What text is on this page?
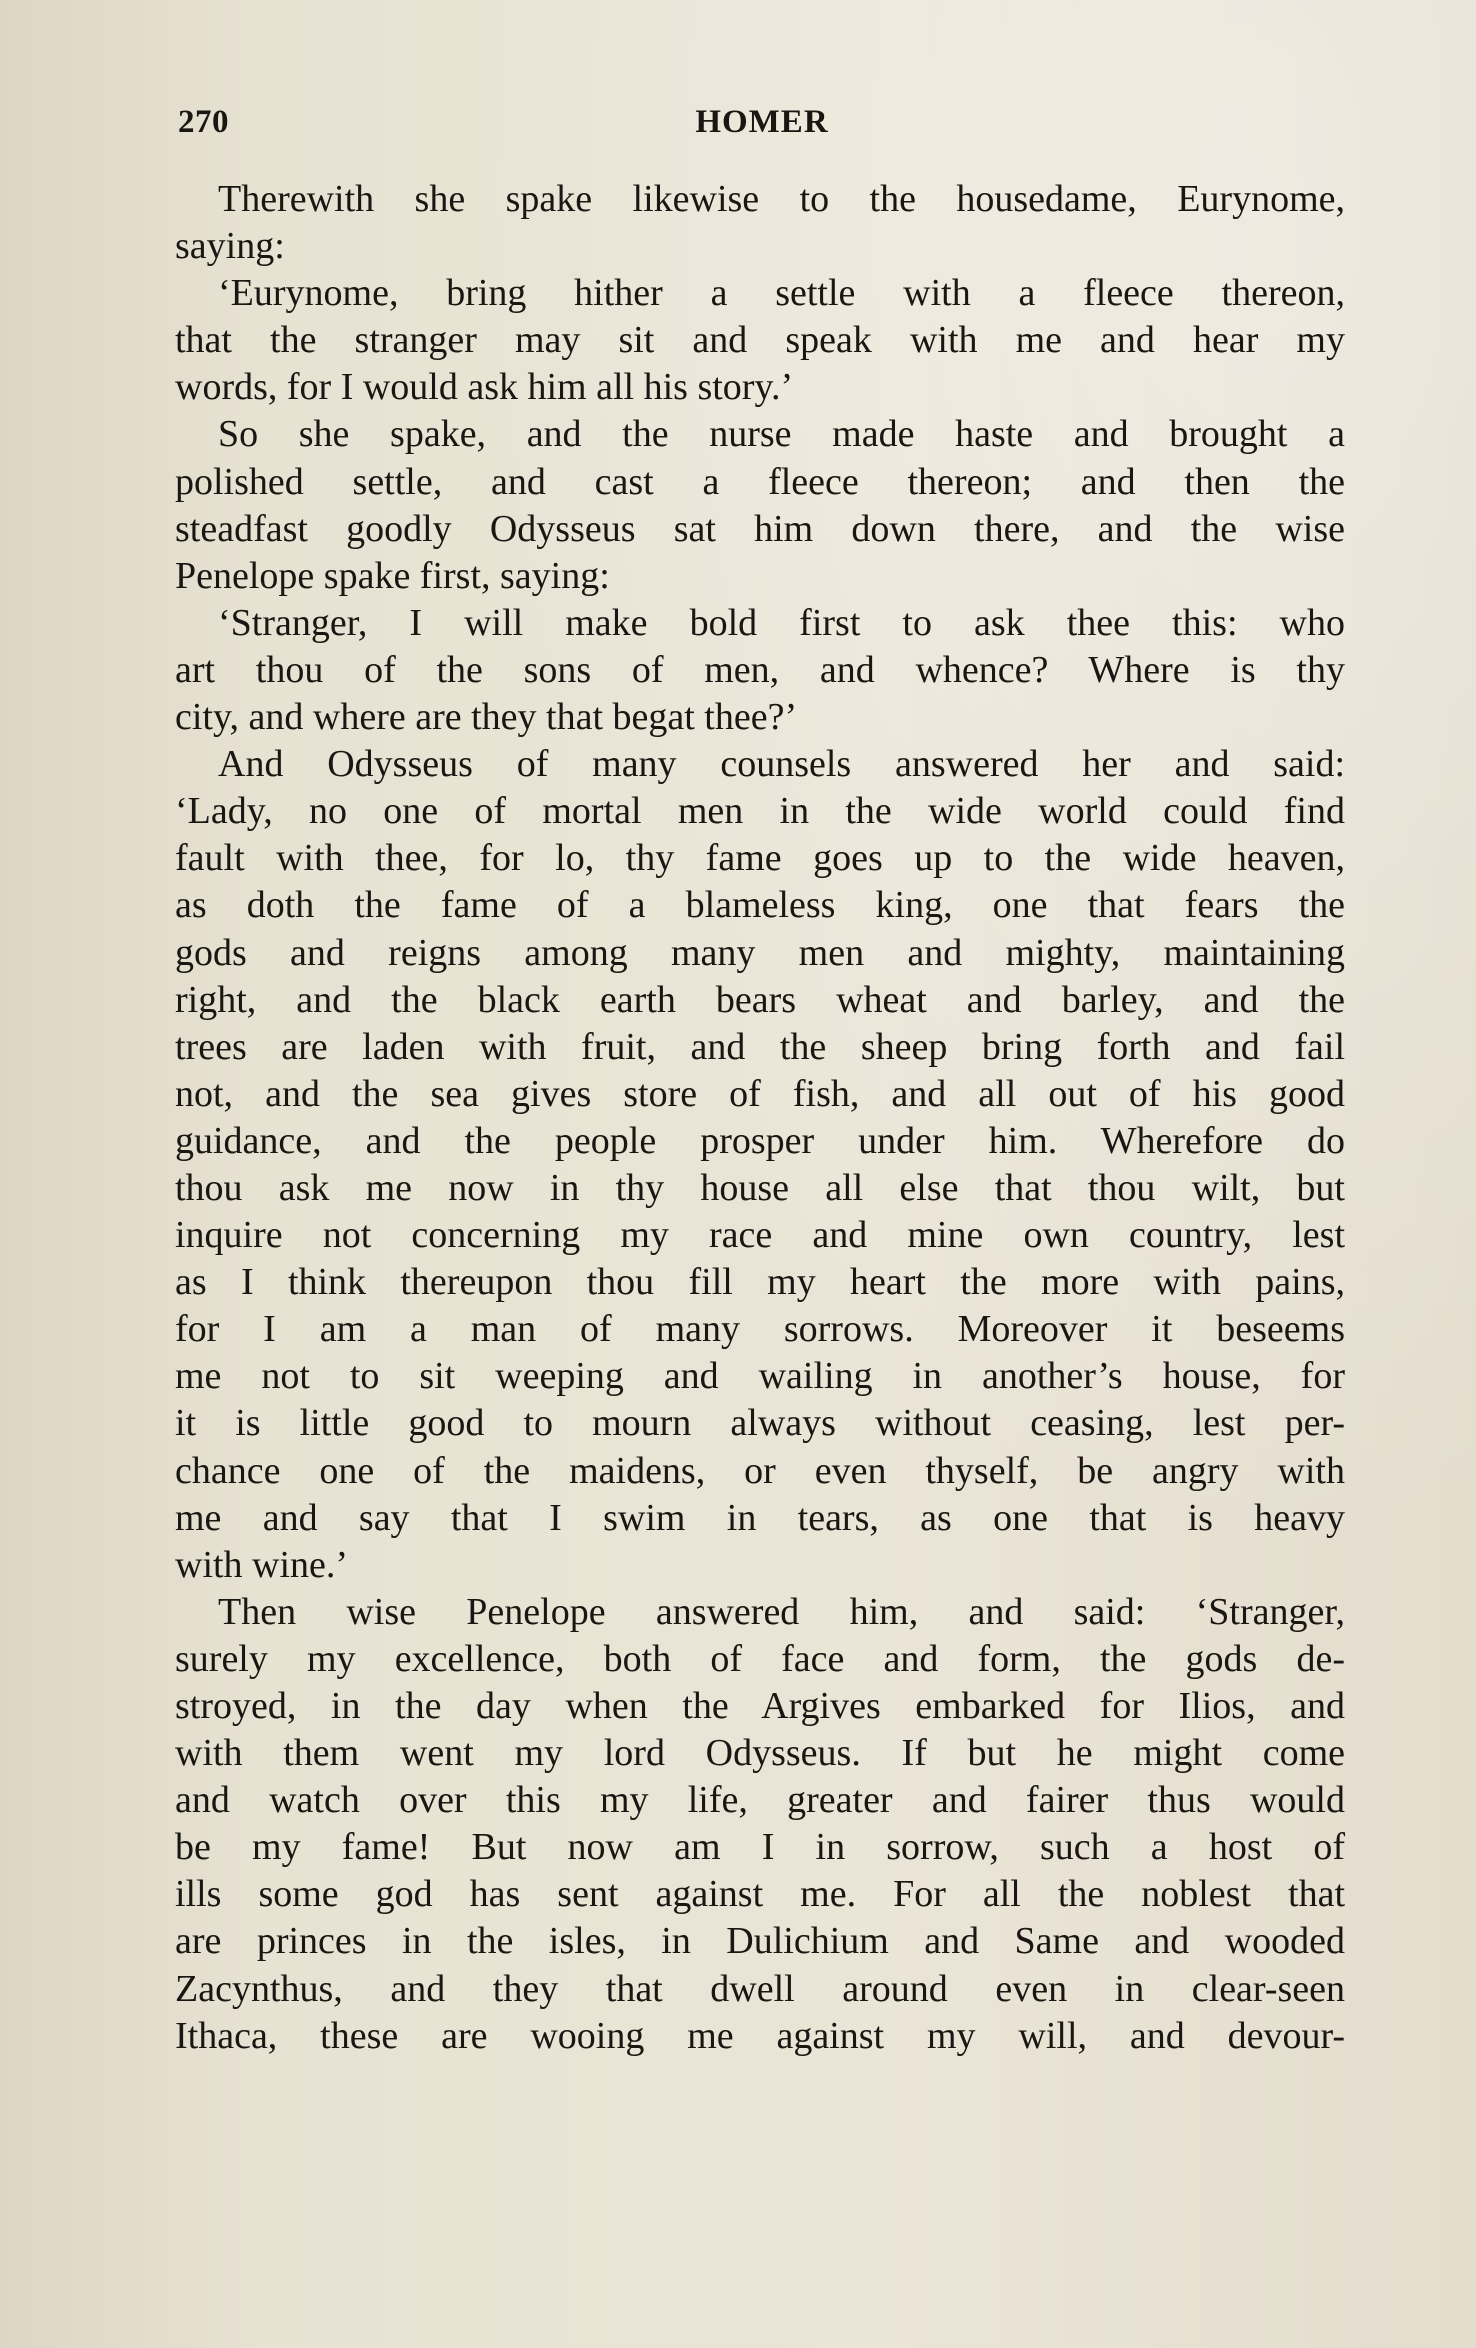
270	HOMER
Therewith she spake likewise to the housedame, Eurynome,
saying:
‘Eurynome, bring hither a settle with a fleece thereon,
that the stranger may sit and speak with me and hear my
words, for I would ask him all his story.’
So she spake, and the nurse made haste and brought a
polished settle, and cast a fleece thereon; and then the
steadfast goodly Odysseus sat him down there, and the wise
Penelope spake first, saying:
‘Stranger, I will make bold first to ask thee this: who
art thou of the sons of men, and whence? Where is thy
city, and where are they that begat thee?’
And Odysseus of many counsels answered her and said:
‘Lady, no one of mortal men in the wide world could find
fault with thee, for lo, thy fame goes up to the wide heaven,
as doth the fame of a blameless king, one that fears the
gods and reigns among many men and mighty, maintaining
right, and the black earth bears wheat and barley, and the
trees are laden with fruit, and the sheep bring forth and fail
not, and the sea gives store of fish, and all out of his good
guidance, and the people prosper under him. Wherefore do
thou ask me now in thy house all else that thou wilt, but
inquire not concerning my race and mine own country, lest
as I think thereupon thou fill my heart the more with pains,
for I am a man of many sorrows. Moreover it beseems
me not to sit weeping and wailing in another’s house, for
it is little good to mourn always without ceasing, lest per-
chance one of the maidens, or even thyself, be angry with
me and say that I swim in tears, as one that is heavy
with wine.’
Then wise Penelope answered him, and said: ‘Stranger,
surely my excellence, both of face and form, the gods de-
stroyed, in the day when the Argives embarked for Ilios, and
with them went my lord Odysseus. If but he might come
and watch over this my life, greater and fairer thus would
be my fame! But now am I in sorrow, such a host of
ills some god has sent against me. For all the noblest that
are princes in the isles, in Dulichium and Same and wooded
Zacynthus, and they that dwell around even in clear-seen
Ithaca, these are wooing me against my will, and devour-
